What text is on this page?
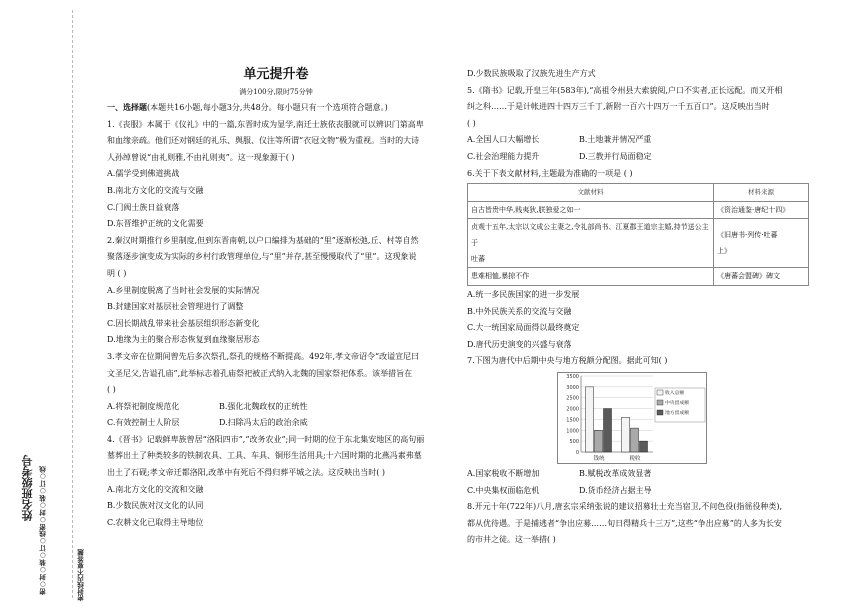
姓名班级考号 密○封○装○订○线密○封○装○订○线	密封线内不要答题
单元提升卷
满分100分,限时75分钟

一、选择题(本题共16小题,每小题3分,共48分。每小题只有一个选项符合题意。)

1.《丧服》本属于《仪礼》中的一篇,东晋时成为显学,南迁士族依丧服就可以辨识门第高卑

和血缘亲疏。他们还对钢廷的礼乐、舆服、仪注等所谓“衣冠文物”极为重视。当时的大诗

人孙绰曾说“由礼则雅,不由礼则夷”。这一现象源于( )

A.儒学受到佛道挑战

B.南北方文化的交流与交融

C.门阀士族日益衰落

D.东晋维护正统的文化需要

2.秦汉时期推行乡里制度,但到东晋南朝,以户口编排为基础的“里”逐渐松弛,丘、村等自然

聚落逐步演变成为实际的乡村行政管理单位,与“里”并存,甚至慢慢取代了“里”。这现象说

明 ( )

A.乡里制度脱离了当时社会发展的实际情况

B.封建国家对基层社会管理进行了调整

C.因长期战乱带来社会基层组织形态新变化

D.地缘为主的聚合形态恢复到血缘聚居形态

3.孝文帝在位期间曾先后多次祭孔,祭孔的规格不断提高。492年,孝文帝诏令“改谥宣尼曰

文圣尼父,告谥孔庙”,此举标志着孔庙祭祀被正式纳入北魏的国家祭祀体系。该举措旨在

( )

A.将祭祀制度规范化	B.强化北魏政权的正统性
C.有效控制士人阶层	D.扫除冯太后的政治余威

4.《晋书》记载鲜卑族曾居“洛阳四市”,“改务农业”;同一时期的位于东北集安地区的高句丽

墓葬出土了种类较多的铁制农具、工具、车具、铜形生活用具;十六国时期的北燕冯素弗墓

出土了石砚;孝文帝迁都洛阳,改革中有死后不得归葬平城之法。这反映出当时( )

A.南北方文化的交流和交融

B.少数民族对汉文化的认同

C.农耕文化已取得主导地位

D.少数民族吸取了汉族先进生产方式

5.《隋书》记载,开皇三年(583年),“高祖令州县大索貌阅,户口不实者,正长远配。而又开相

纠之科……于是计帐进四十四万三千丁,新附一百六十四万一千五百口”。这反映出当时

( )

A.全国人口大幅增长	B.土地兼并情况严重
C.社会治理能力提升	D.三教并行局面稳定

6.关于下表文献材料,主题最为准确的一项是 ( )

文献材料	材料来源
自古皆贵中华,贱夷狄,朕独爱之如一	《资治通鉴·唐纪十四》
贞观十五年,太宗以文成公主妻之,令礼部尚书、江夏郡王道宗主婚,持节送公主于
吐蕃	《旧唐书·列传·吐蕃
上》
患难相恤,暴掠不作	《唐蕃会盟碑》碑文

A.统一多民族国家的进一步发展

B.中外民族关系的交流与交融

C.大一统国家局面得以最终奠定

D.唐代历史演变的兴盛与衰落

7.下图为唐代中后期中央与地方税额分配图。据此可知( )

0
500
1000
1500
2000
2500
3000
3500
钱统	税收
收入总额
中央留成额
地方留成额
A.国家税收不断增加	B.赋税改革成效显著
C.中央集权面临危机	D.货币经济占据主导

8.开元十年(722年)八月,唐玄宗采纳张说的建议招募壮士充当宿卫,不问色役(指徭役种类),

都从优待遇。于是捕逃者“争出应募……旬日得精兵十三万”,这些“争出应募”的人多为长安

的市井之徒。这一举措( )
